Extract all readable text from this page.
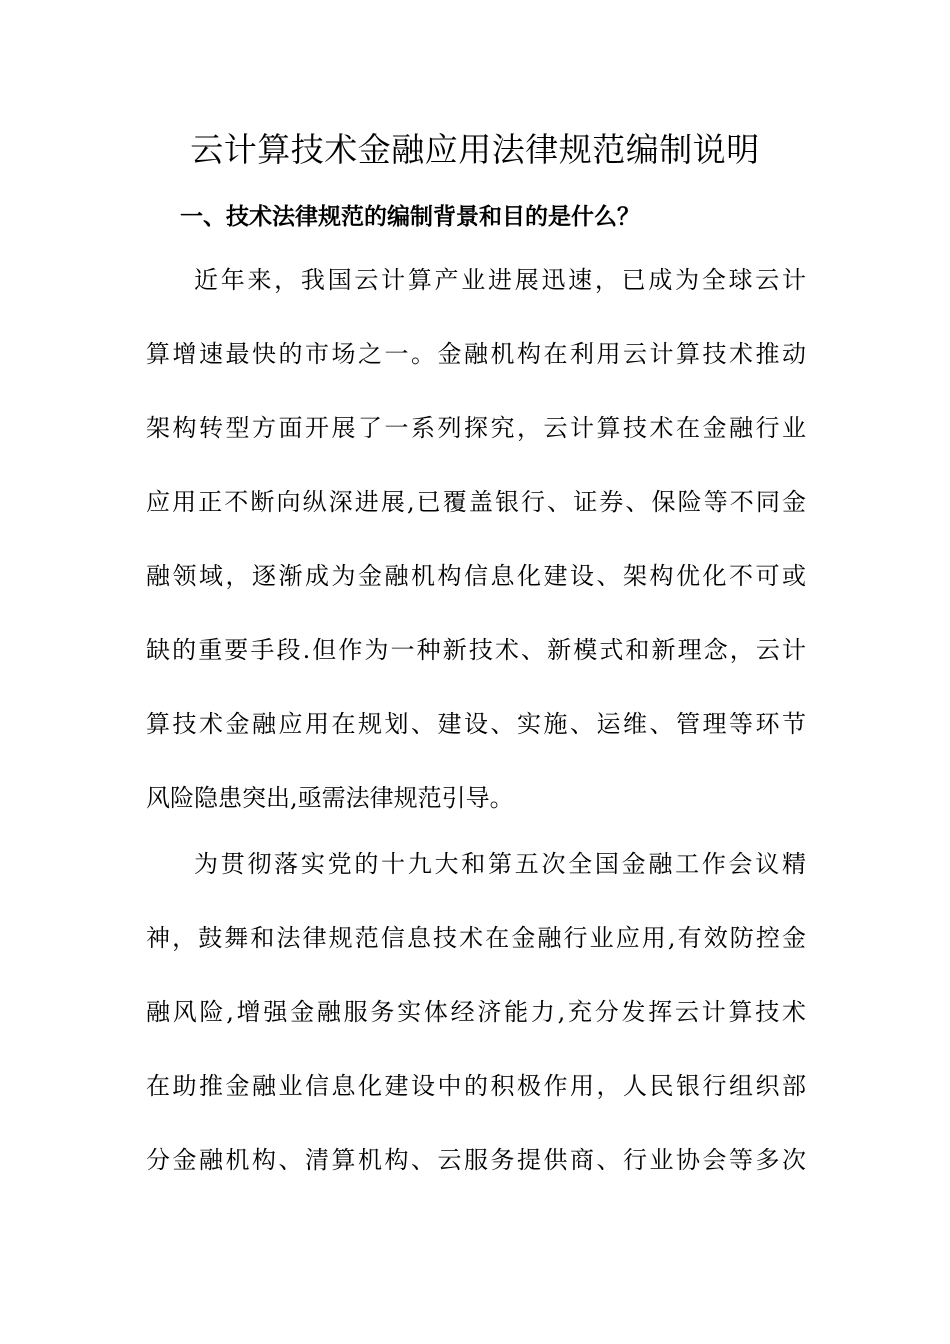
云计算技术金融应用法律规范编制说明
一、技术法律规范的编制背景和目的是什么？

近年来，我国云计算产业进展迅速，已成为全球云计

算增速最快的市场之一。金融机构在利用云计算技术推动

架构转型方面开展了一系列探究，云计算技术在金融行业

应用正不断向纵深进展,已覆盖银行、证券、保险等不同金

融领域，逐渐成为金融机构信息化建设、架构优化不可或

缺的重要手段.但作为一种新技术、新模式和新理念，云计

算技术金融应用在规划、建设、实施、运维、管理等环节

风险隐患突出,亟需法律规范引导。

为贯彻落实党的十九大和第五次全国金融工作会议精

神，鼓舞和法律规范信息技术在金融行业应用,有效防控金

融风险,增强金融服务实体经济能力,充分发挥云计算技术

在助推金融业信息化建设中的积极作用，人民银行组织部

分金融机构、清算机构、云服务提供商、行业协会等多次
